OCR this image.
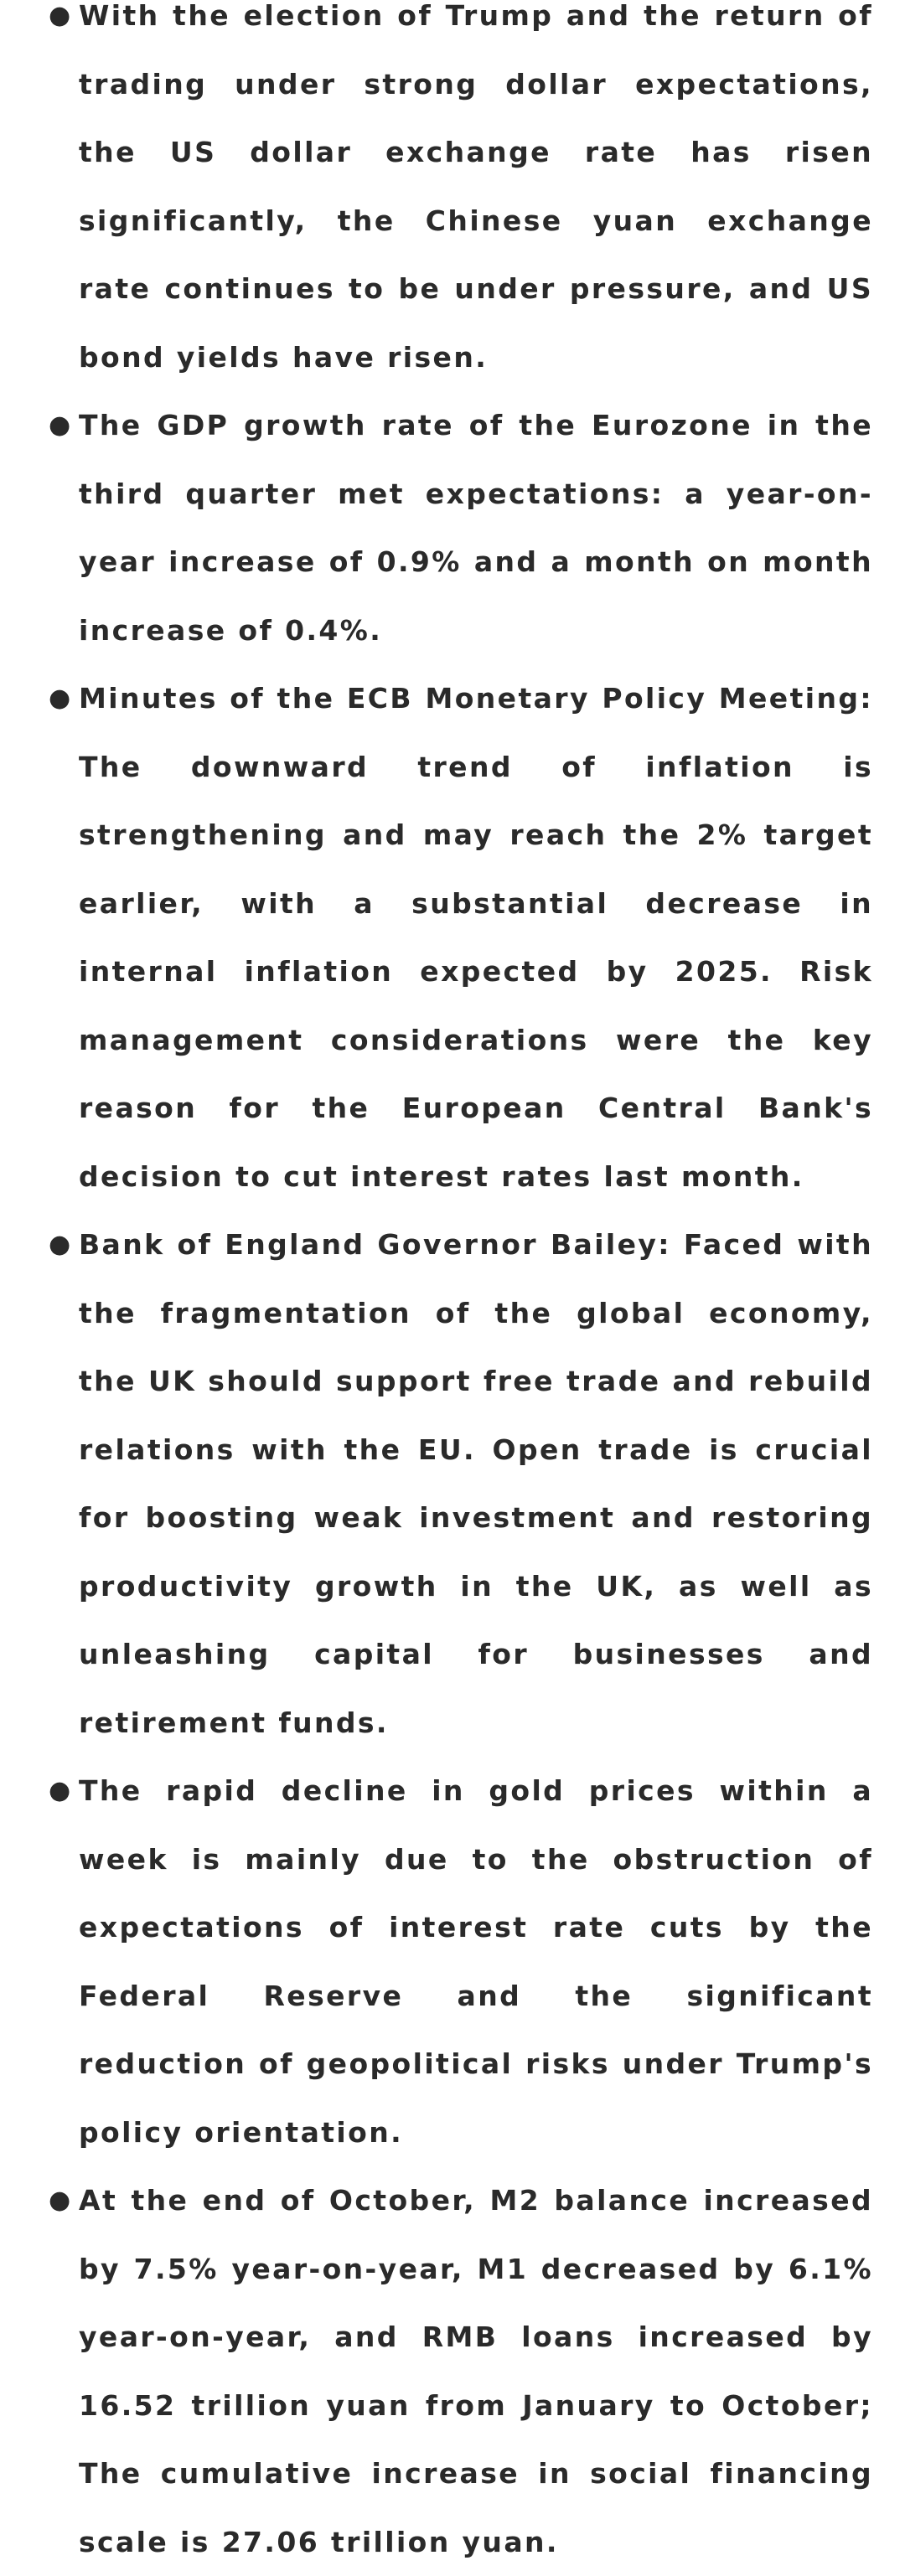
● With the election of Trump and the return of trading under strong dollar expectations, the US dollar exchange rate has risen significantly, the Chinese yuan exchange rate continues to be under pressure, and US bond yields have risen.
● The GDP growth rate of the Eurozone in the third quarter met expectations: a year-on-year increase of 0.9% and a month on month increase of 0.4%.
● Minutes of the ECB Monetary Policy Meeting: The downward trend of inflation is strengthening and may reach the 2% target earlier, with a substantial decrease in internal inflation expected by 2025. Risk management considerations were the key reason for the European Central Bank's decision to cut interest rates last month.
● Bank of England Governor Bailey: Faced with the fragmentation of the global economy, the UK should support free trade and rebuild relations with the EU. Open trade is crucial for boosting weak investment and restoring productivity growth in the UK, as well as unleashing capital for businesses and retirement funds.
● The rapid decline in gold prices within a week is mainly due to the obstruction of expectations of interest rate cuts by the Federal Reserve and the significant reduction of geopolitical risks under Trump's policy orientation.
● At the end of October, M2 balance increased by 7.5% year-on-year, M1 decreased by 6.1% year-on-year, and RMB loans increased by 16.52 trillion yuan from January to October; The cumulative increase in social financing scale is 27.06 trillion yuan.
